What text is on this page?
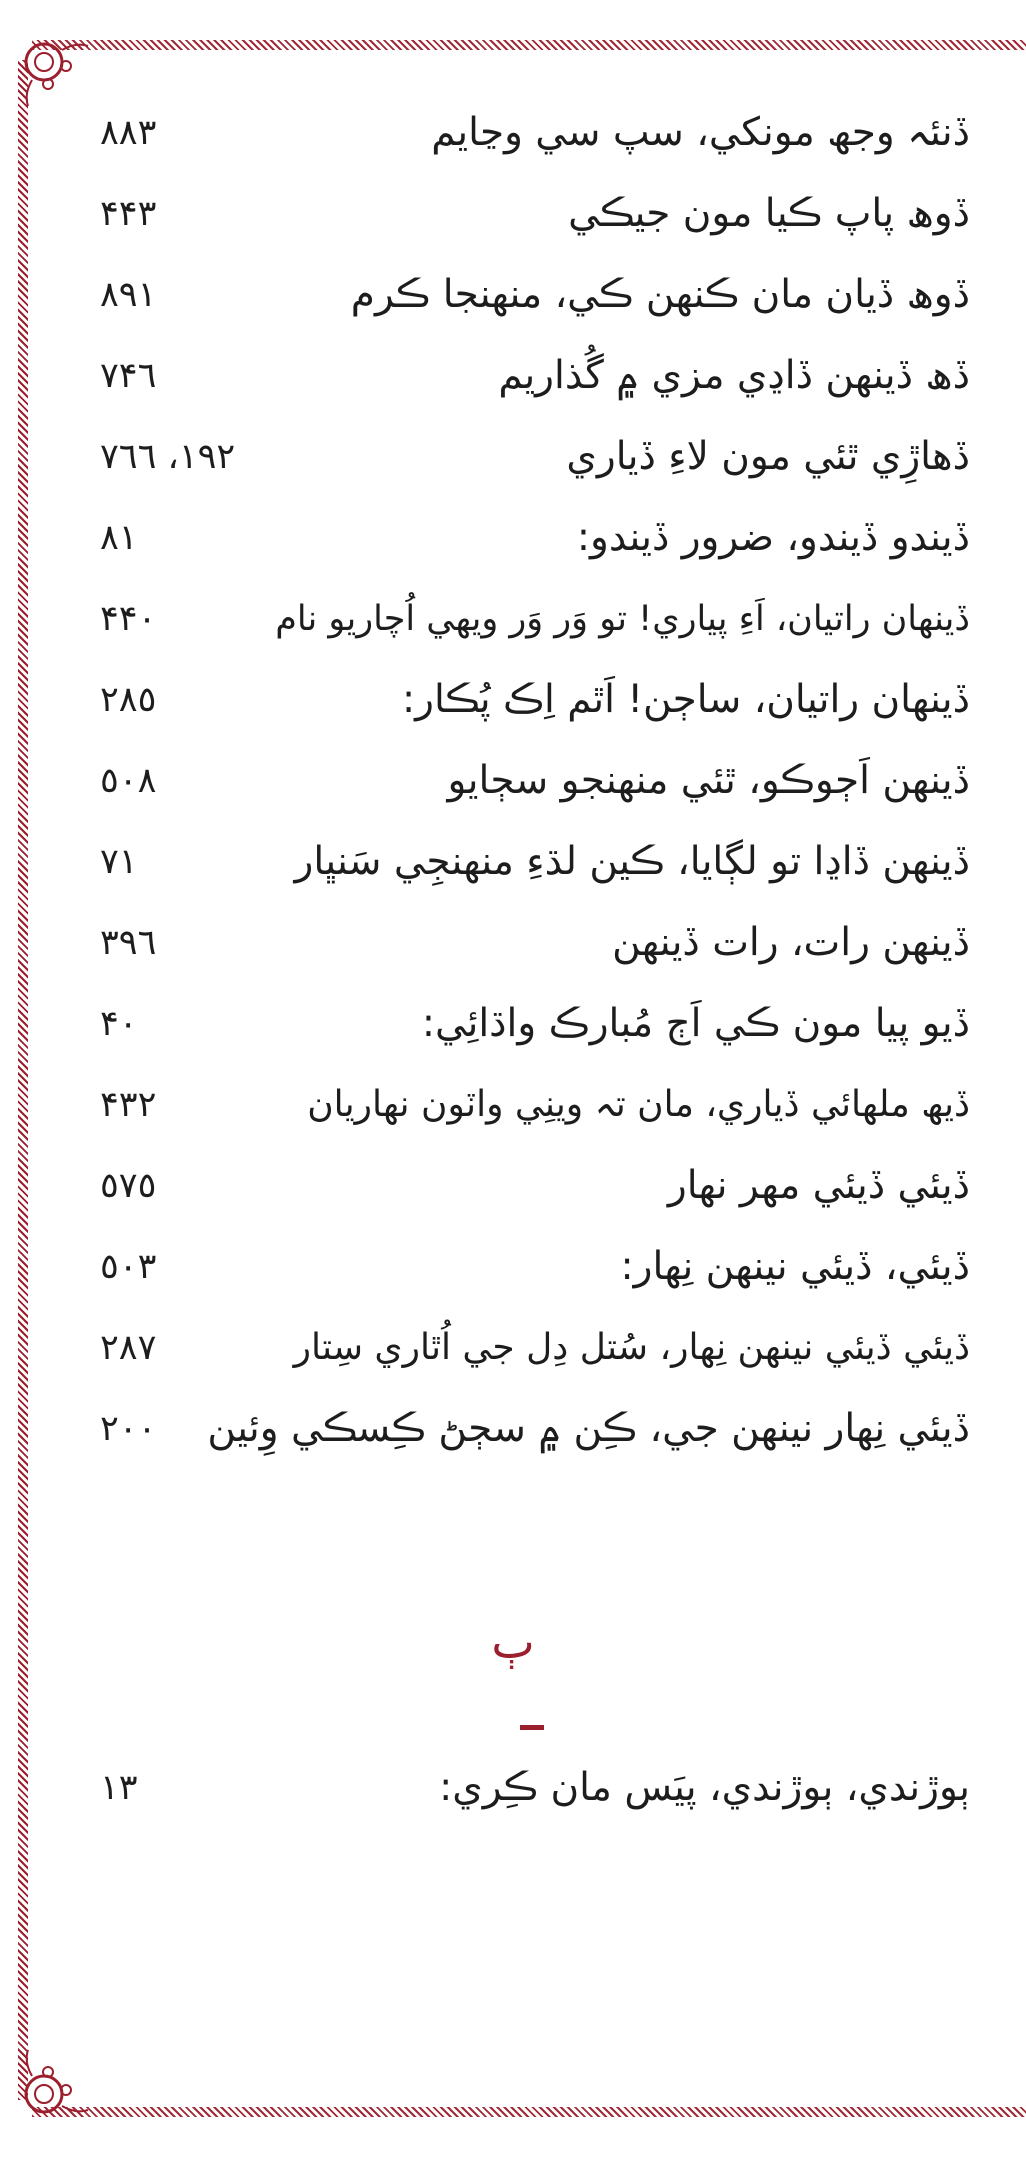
ڏنئہ وجھ مونکي، سپ سي وڃايم
٨٨٣
ڏوھ پاپ ڪيا مون جيڪي
۴۴۳
ڏوھ ڏيان مان ڪنهن ڪي، منهنجا ڪرم
٨٩١
ڏھ ڏينهن ڏاڍي مزي ۾ گُذاريم
٧۴٦
ڏھاڙِي ٿئي مون لاءِ ڏياري
١٩٢، ٧٦٦
ڏيندو ڏيندو، ضرور ڏيندو:
٨١
ڏينهان راتيان، اَءِ پياري! تو وَر وَر ويهي اُچاريو نام
۴۴٠
ڏينهان راتيان، ساڄن! اَٿم اِڪ پُڪار:
٢٨٥
ڏينهن اَڄوڪو، ٿئي منهنجو سڄايو
٥٠٨
ڏينهن ڏاڍا تو لڳايا، ڪين لڌءِ منهنجِي سَنڀار
٧١
ڏينهن رات، رات ڏينهن
٣٩٦
ڏيو پيا مون ڪي اَڄ مُبارڪ واڌائِي:
۴٠
ڏيھ ملهائي ڏياري، مان تہ وينِي واٽون نهاريان
۴٣٢
ڏيئي ڏيئي مهر نهار
٥٧٥
ڏيئي، ڏيئي نينهن نِهار:
٥٠٣
ڏيئي ڏيئي نينهن نِهار، سُتل دِل جي اُٿاري سِتار
٢٨٧
ڏيئي نِهار نينهن جي، ڪِن ۾ سڄڻ ڪِسڪي وِئين
٢٠٠
ٻ
ٻوڙندي، ٻوڙندي، پيَس مان ڪِري:
١٣
